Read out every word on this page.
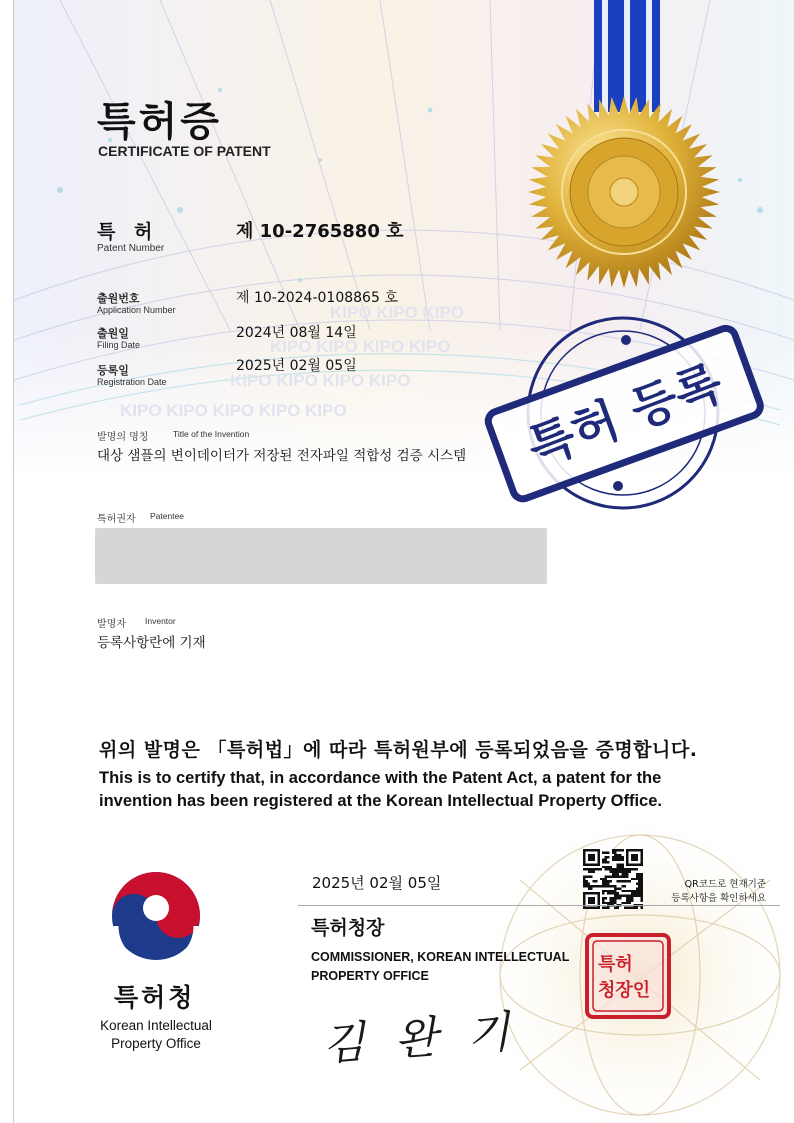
KIPO KIPO KIPO
KIPO KIPO KIPO KIPO
KIPO KIPO KIPO KIPO
KIPO KIPO KIPO KIPO KIPO
특허증
CERTIFICATE OF PATENT
특 허
Patent Number
제 10-2765880 호
출원번호
Application Number
제 10-2024-0108865 호
출원일
Filing Date
2024년 08월 14일
등록일
Registration Date
2025년 02월 05일
발명의 명칭	Title of the Invention
대상 샘플의 변이데이터가 저장된 전자파일 적합성 검증 시스템
특허권자 Patentee
발명자 Inventor
등록사항란에 기재
특허 등록
위의 발명은 「특허법」에 따라 특허원부에 등록되었음을 증명합니다.
This is to certify that, in accordance with the Patent Act, a patent for the invention has been registered at the Korean Intellectual Property Office.
2025년 02월 05일	QR코드로 현재기준
등록사항을 확인하세요
특허청장
COMMISSIONER, KOREAN INTELLECTUAL PROPERTY OFFICE
김 완 기
특허
청장인
특허청
Korean Intellectual Property Office
